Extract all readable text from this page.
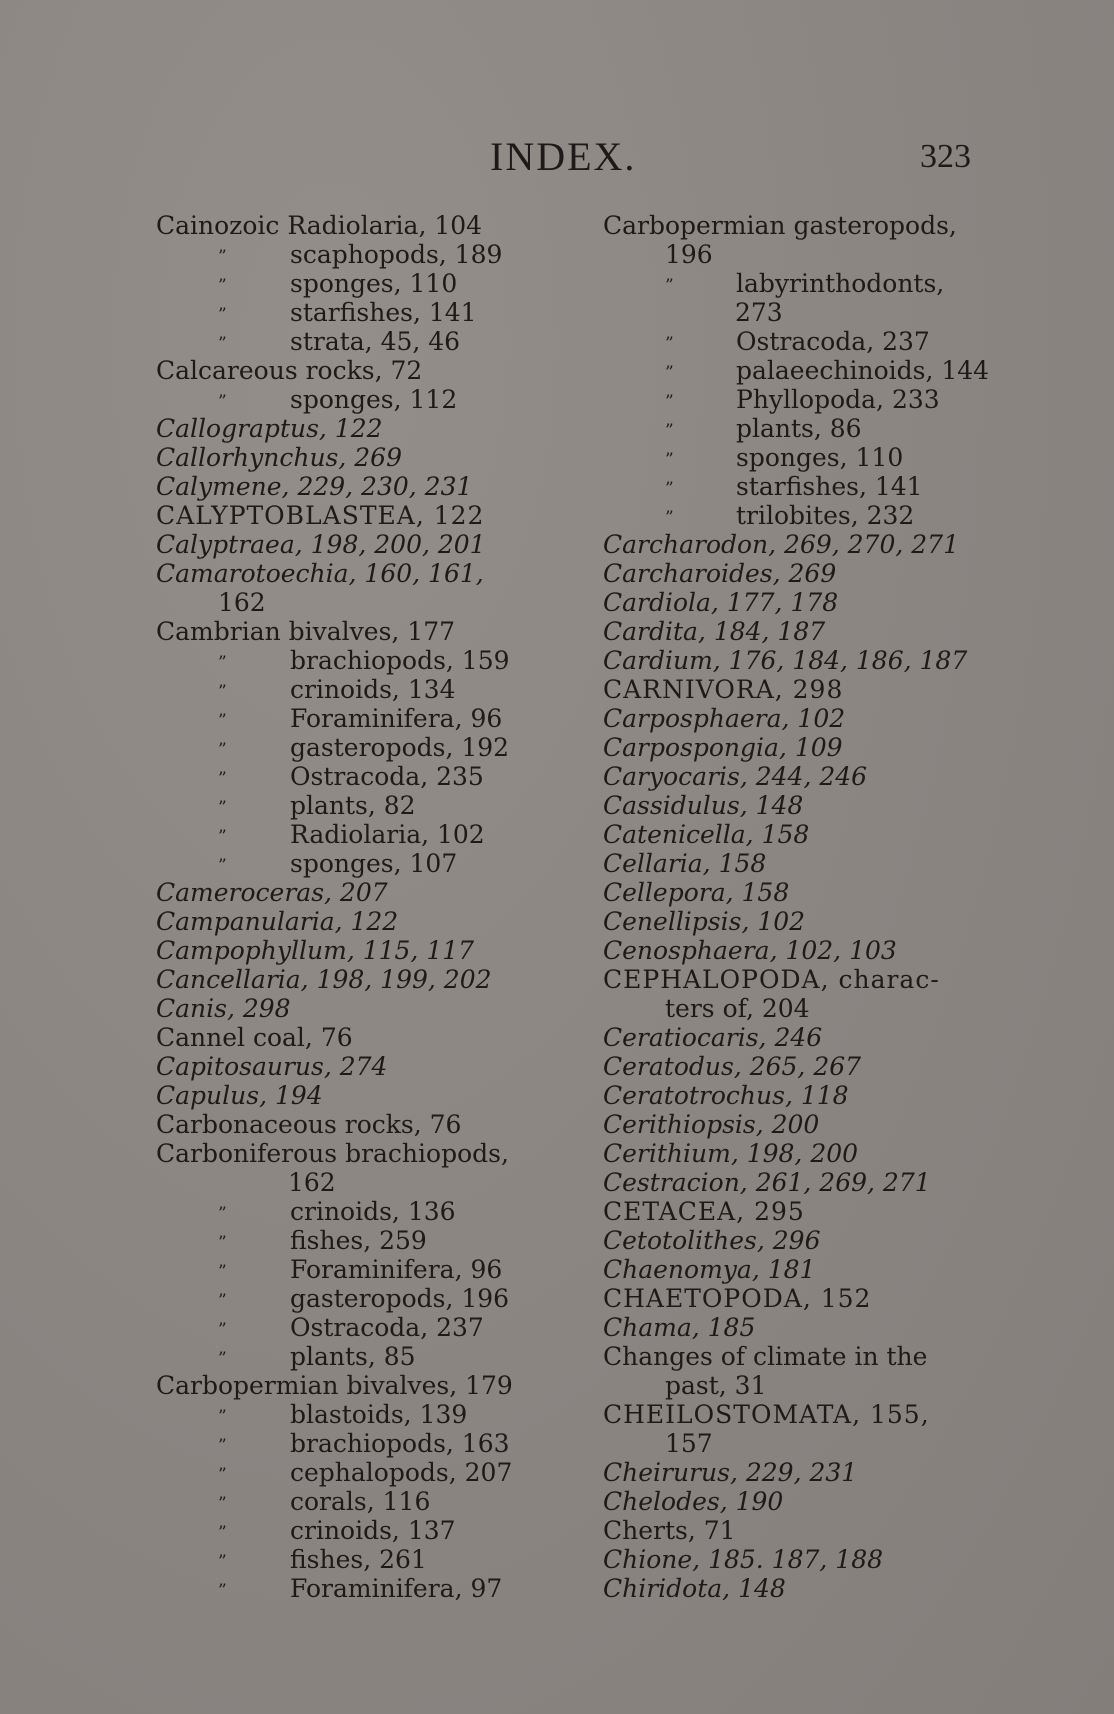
INDEX.	323
Cainozoic Radiolaria, 104
” scaphopods, 189
” sponges, 110
” starfishes, 141
” strata, 45, 46
Calcareous rocks, 72
” sponges, 112
Callograptus, 122
Callorhynchus, 269
Calymene, 229, 230, 231
CALYPTOBLASTEA, 122
Calyptraea, 198, 200, 201
Camarotoechia, 160, 161,
162
Cambrian bivalves, 177
” brachiopods, 159
” crinoids, 134
” Foraminifera, 96
” gasteropods, 192
” Ostracoda, 235
” plants, 82
” Radiolaria, 102
” sponges, 107
Cameroceras, 207
Campanularia, 122
Campophyllum, 115, 117
Cancellaria, 198, 199, 202
Canis, 298
Cannel coal, 76
Capitosaurus, 274
Capulus, 194
Carbonaceous rocks, 76
Carboniferous brachiopods,
162
” crinoids, 136
” fishes, 259
” Foraminifera, 96
” gasteropods, 196
” Ostracoda, 237
” plants, 85
Carbopermian bivalves, 179
” blastoids, 139
” brachiopods, 163
” cephalopods, 207
” corals, 116
” crinoids, 137
” fishes, 261
” Foraminifera, 97
Carbopermian gasteropods,
196
” labyrinthodonts,
273
” Ostracoda, 237
” palaeechinoids, 144
” Phyllopoda, 233
” plants, 86
” sponges, 110
” starfishes, 141
” trilobites, 232
Carcharodon, 269, 270, 271
Carcharoides, 269
Cardiola, 177, 178
Cardita, 184, 187
Cardium, 176, 184, 186, 187
CARNIVORA, 298
Carposphaera, 102
Carpospongia, 109
Caryocaris, 244, 246
Cassidulus, 148
Catenicella, 158
Cellaria, 158
Cellepora, 158
Cenellipsis, 102
Cenosphaera, 102, 103
CEPHALOPODA, charac-
ters of, 204
Ceratiocaris, 246
Ceratodus, 265, 267
Ceratotrochus, 118
Cerithiopsis, 200
Cerithium, 198, 200
Cestracion, 261, 269, 271
CETACEA, 295
Cetotolithes, 296
Chaenomya, 181
CHAETOPODA, 152
Chama, 185
Changes of climate in the
past, 31
CHEILOSTOMATA, 155,
157
Cheirurus, 229, 231
Chelodes, 190
Cherts, 71
Chione, 185. 187, 188
Chiridota, 148
